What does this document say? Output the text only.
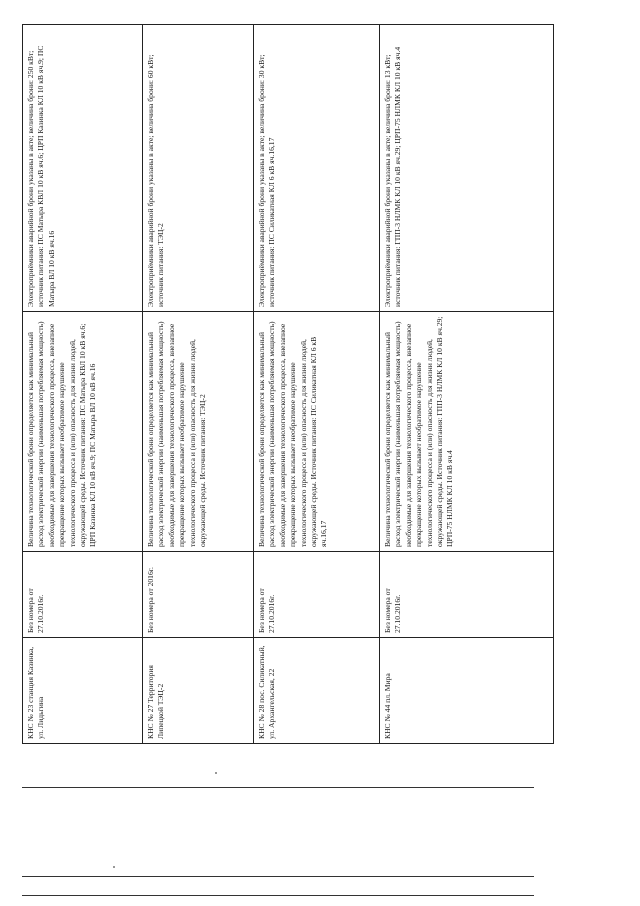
КНС № 23 станция Казинка, ул. Лидьгина
Без номера от 27.10.2016г.
Величина технологической брони определяется как минимальный расход электрической энергии (наименьшая потребляемая мощность) необходимые для завершения технологического процесса, внезапное прекращение которых вызывает необратимое нарушение технологического процесса и (или) опасность для жизни людей, окружающей среды. Источник питания: ПС Матыра КВЛ 10 кВ яч.6; ЦРП Казинка КЛ 10 кВ яч.9; ПС Матыра ВЛ 10 кВ яч.16
Электроприёмники аварийной брони указаны в акте; величина брони: 250 кВт; источник питания: ПС Матыра КВЛ 10 кВ яч.6; ЦРП Казинка КЛ 10 кВ яч.9; ПС Матыра ВЛ 10 кВ яч.16
КНС № 27 Территория Липецкой ТЭЦ-2
Без номера от 2016г.
Величина технологической брони определяется как минимальный расход электрической энергии (наименьшая потребляемая мощность) необходимые для завершения технологического процесса, внезапное прекращение которых вызывает необратимое нарушение технологического процесса и (или) опасность для жизни людей, окружающей среды. Источник питания: ТЭЦ-2
Электроприёмники аварийной брони указаны в акте; величина брони: 60 кВт; источник питания: ТЭЦ-2
КНС № 28 пос. Силикатный, ул. Архангельская, 22
Без номера от 27.10.2016г.
Величина технологической брони определяется как минимальный расход электрической энергии (наименьшая потребляемая мощность) необходимые для завершения технологического процесса, внезапное прекращение которых вызывает необратимое нарушение технологического процесса и (или) опасность для жизни людей, окружающей среды. Источник питания: ПС Силикатная КЛ 6 кВ яч.16,17
Электроприёмники аварийной брони указаны в акте; величина брони: 30 кВт; источник питания: ПС Силикатная КЛ 6 кВ яч.16,17
КНС № 44 пл. Мира
Без номера от 27.10.2016г.
Величина технологической брони определяется как минимальный расход электрической энергии (наименьшая потребляемая мощность) необходимые для завершения технологического процесса, внезапное прекращение которых вызывает необратимое нарушение технологического процесса и (или) опасность для жизни людей, окружающей среды. Источник питания: ГПП-3 НЛМК КЛ 10 кВ яч.29; ЦРП-75 НЛМК КЛ 10 кВ яч.4
Электроприёмники аварийной брони указаны в акте; величина брони: 13 кВт; источник питания: ГПП-3 НЛМК КЛ 10 кВ яч.29; ЦРП-75 НЛМК КЛ 10 кВ яч.4
